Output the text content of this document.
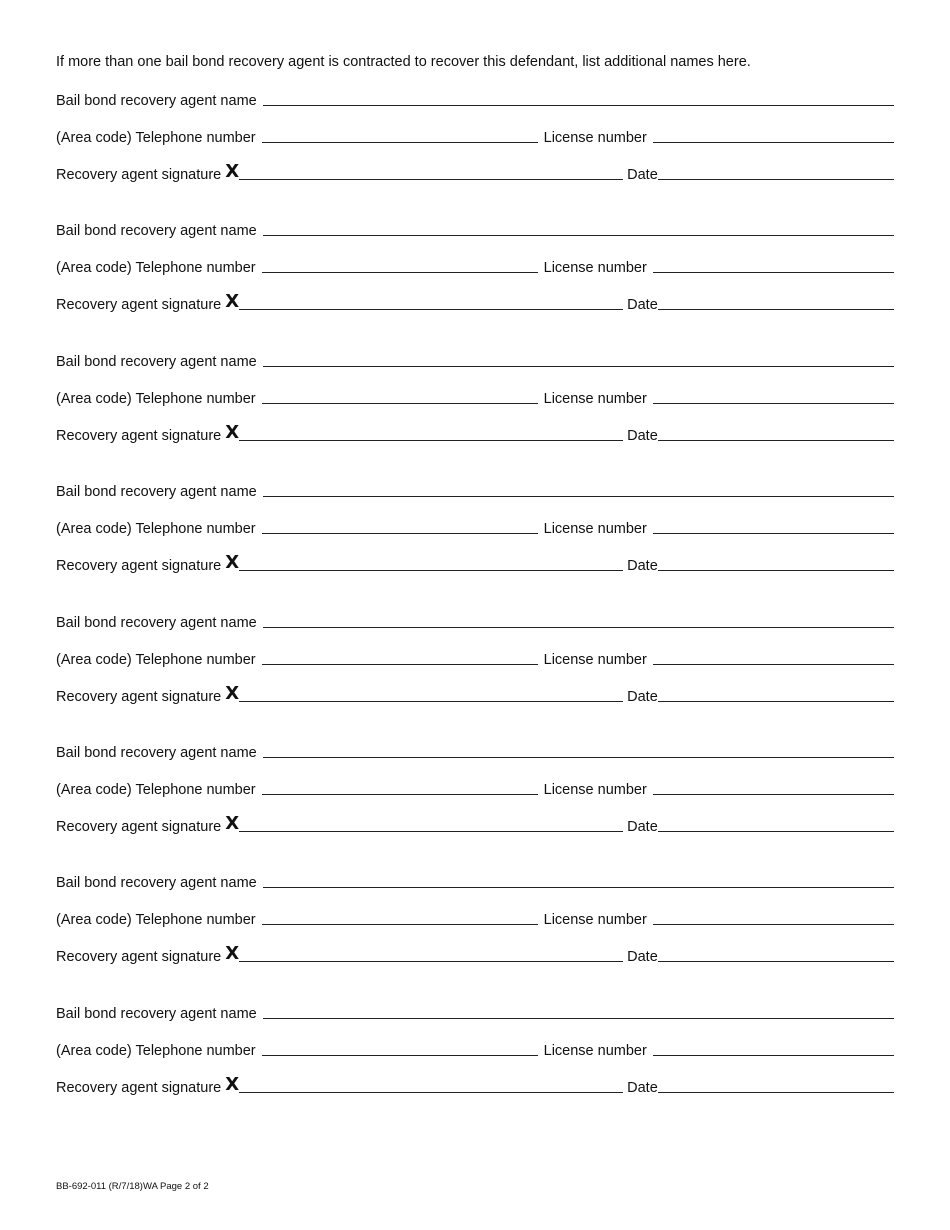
If more than one bail bond recovery agent is contracted to recover this defendant, list additional names here.
Bail bond recovery agent name
(Area code) Telephone number	License number
Recovery agent signature X	Date
Bail bond recovery agent name
(Area code) Telephone number	License number
Recovery agent signature X	Date
Bail bond recovery agent name
(Area code) Telephone number	License number
Recovery agent signature X	Date
Bail bond recovery agent name
(Area code) Telephone number	License number
Recovery agent signature X	Date
Bail bond recovery agent name
(Area code) Telephone number	License number
Recovery agent signature X	Date
Bail bond recovery agent name
(Area code) Telephone number	License number
Recovery agent signature X	Date
Bail bond recovery agent name
(Area code) Telephone number	License number
Recovery agent signature X	Date
Bail bond recovery agent name
(Area code) Telephone number	License number
Recovery agent signature X	Date
BB-692-011 (R/7/18)WA Page 2 of 2
